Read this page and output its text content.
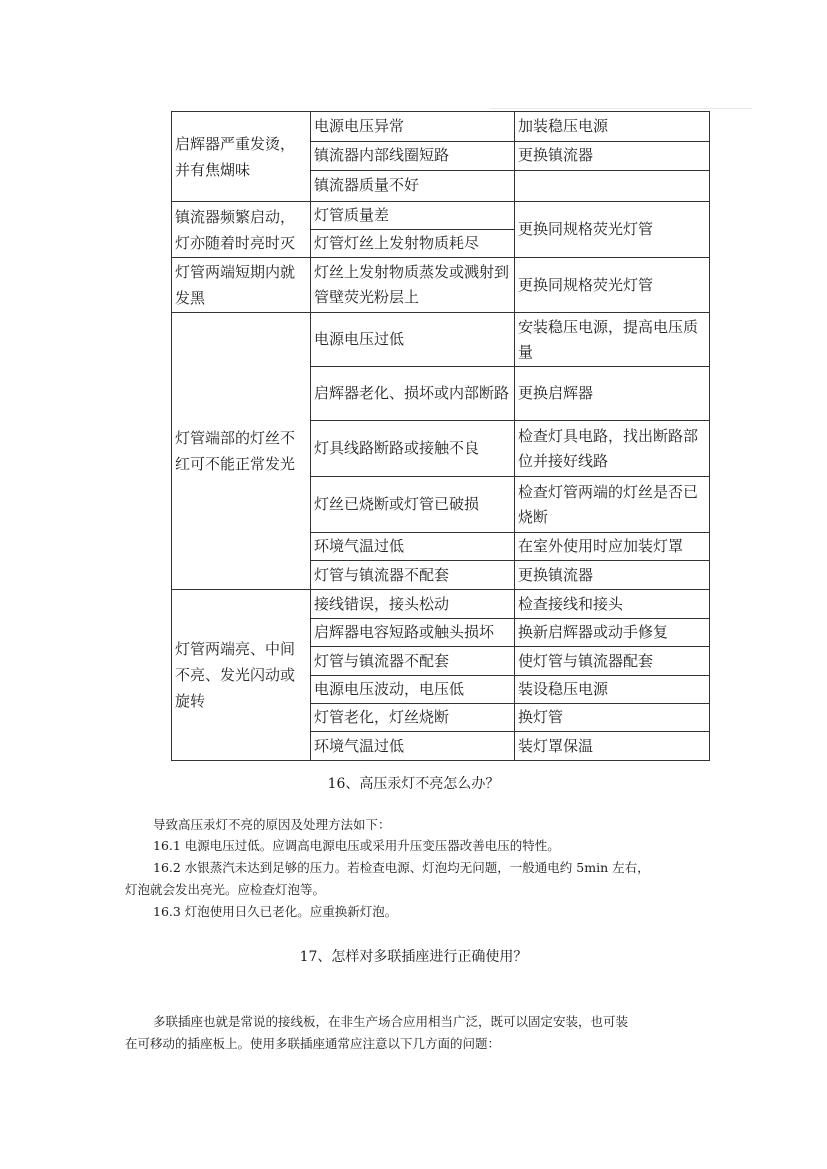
启辉器严重发烫，并有焦煳味	电源电压异常	加装稳压电源
	镇流器内部线圈短路	更换镇流器
	镇流器质量不好	
镇流器频繁启动，灯亦随着时亮时灭	灯管质量差	更换同规格荧光灯管
	灯管灯丝上发射物质耗尽	
灯管两端短期内就发黑	灯丝上发射物质蒸发或溅射到管壁荧光粉层上	更换同规格荧光灯管
灯管端部的灯丝不红可不能正常发光	电源电压过低	安装稳压电源，提高电压质量
	启辉器老化、损坏或内部断路	更换启辉器
	灯具线路断路或接触不良	检查灯具电路，找出断路部位并接好线路
	灯丝已烧断或灯管已破损	检查灯管两端的灯丝是否已烧断
	环境气温过低	在室外使用时应加装灯罩
	灯管与镇流器不配套	更换镇流器
灯管两端亮、中间不亮、发光闪动或旋转	接线错误，接头松动	检查接线和接头
	启辉器电容短路或触头损坏	换新启辉器或动手修复
	灯管与镇流器不配套	使灯管与镇流器配套
	电源电压波动，电压低	装设稳压电源
	灯管老化，灯丝烧断	换灯管
	环境气温过低	装灯罩保温
16、高压汞灯不亮怎么办？
导致高压汞灯不亮的原因及处理方法如下：
16.1 电源电压过低。应调高电源电压或采用升压变压器改善电压的特性。
16.2 水银蒸汽未达到足够的压力。若检查电源、灯泡均无问题，一般通电约 5min 左右，
灯泡就会发出亮光。应检查灯泡等。
16.3 灯泡使用日久已老化。应重换新灯泡。
17、怎样对多联插座进行正确使用？
多联插座也就是常说的接线板，在非生产场合应用相当广泛，既可以固定安装，也可装
在可移动的插座板上。使用多联插座通常应注意以下几方面的问题：
